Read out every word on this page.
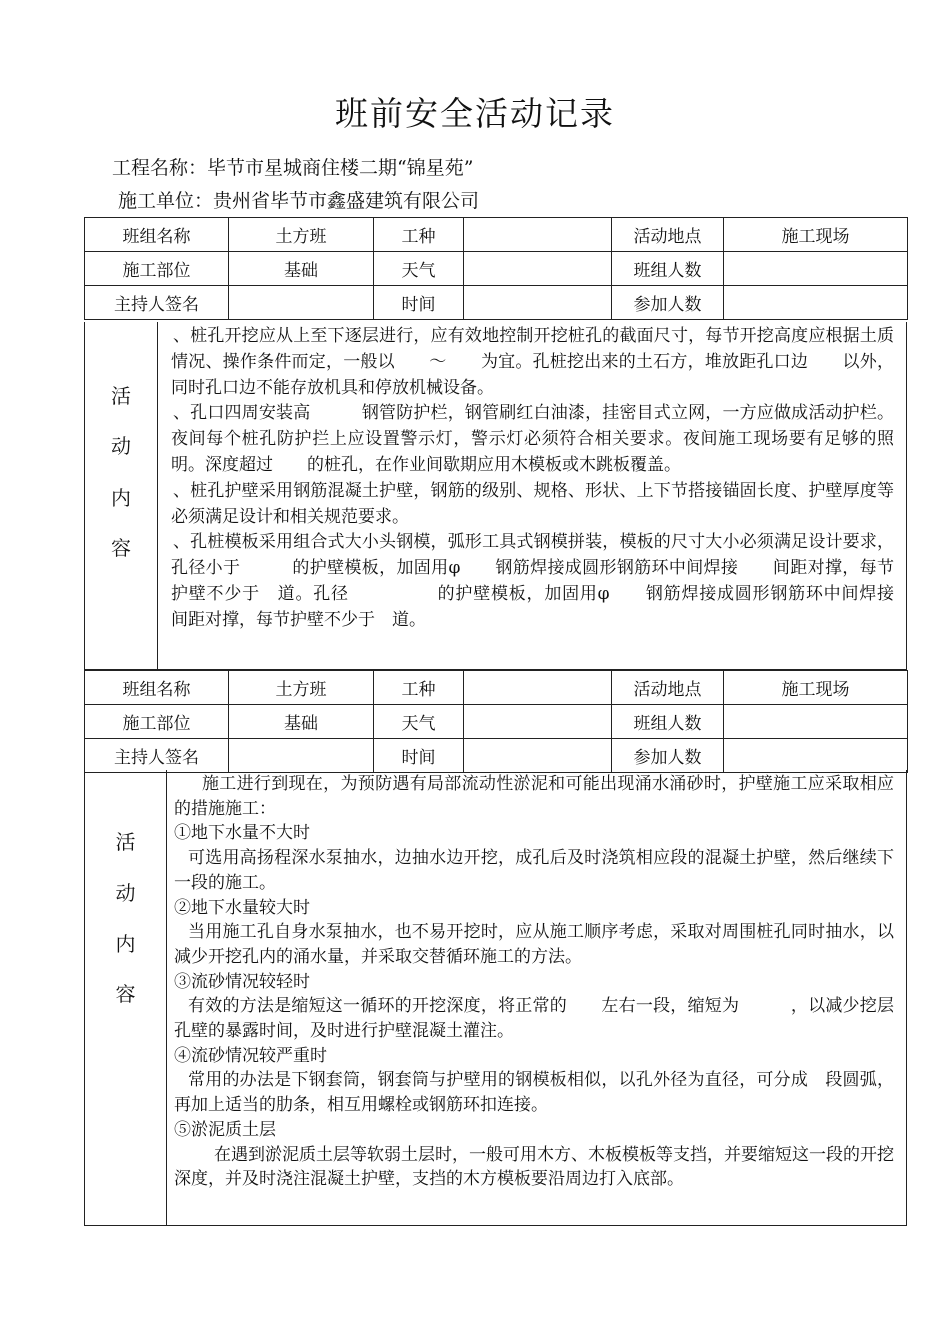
班前安全活动记录
工程名称：毕节市星城商住楼二期“锦星苑”
施工单位：贵州省毕节市鑫盛建筑有限公司
班组名称	土方班	工种		活动地点	施工现场
施工部位	基础	天气		班组人数	
主持人签名		时间		参加人数	
活
动
内
容

、桩孔开挖应从上至下逐层进行，应有效地控制开挖桩孔的截面尺寸，每节开挖高度应根据土质情况、操作条件而定，一般以　　～　　为宜。孔桩挖出来的土石方，堆放距孔口边　　以外，同时孔口边不能存放机具和停放机械设备。

、孔口四周安装高　　　钢管防护栏，钢管刷红白油漆，挂密目式立网，一方应做成活动护栏。夜间每个桩孔防护拦上应设置警示灯，警示灯必须符合相关要求。夜间施工现场要有足够的照明。深度超过　　的桩孔，在作业间歇期应用木模板或木跳板覆盖。

、桩孔护壁采用钢筋混凝土护壁，钢筋的级别、规格、形状、上下节搭接锚固长度、护壁厚度等必须满足设计和相关规范要求。

、孔桩模板采用组合式大小头钢模，弧形工具式钢模拼装，模板的尺寸大小必须满足设计要求，孔径小于　　　的护壁模板，加固用φ　　钢筋焊接成圆形钢筋环中间焊接　　间距对撑，每节护壁不少于　道。孔径　　　　　的护壁模板，加固用φ　　钢筋焊接成圆形钢筋环中间焊接　　　间距对撑，每节护壁不少于　道。

班组名称	土方班	工种		活动地点	施工现场
施工部位	基础	天气		班组人数	
主持人签名		时间		参加人数	
活
动
内
容

施工进行到现在，为预防遇有局部流动性淤泥和可能出现涌水涌砂时，护壁施工应采取相应的措施施工：

①地下水量不大时

可选用高扬程深水泵抽水，边抽水边开挖，成孔后及时浇筑相应段的混凝土护壁，然后继续下一段的施工。

②地下水量较大时

当用施工孔自身水泵抽水，也不易开挖时，应从施工顺序考虑，采取对周围桩孔同时抽水，以减少开挖孔内的涌水量，并采取交替循环施工的方法。

③流砂情况较轻时

有效的方法是缩短这一循环的开挖深度，将正常的　　左右一段，缩短为　　　，以减少挖层孔壁的暴露时间，及时进行护壁混凝土灌注。

④流砂情况较严重时

常用的办法是下钢套筒，钢套筒与护壁用的钢模板相似，以孔外径为直径，可分成　段圆弧，再加上适当的肋条，相互用螺栓或钢筋环扣连接。

⑤淤泥质土层

在遇到淤泥质土层等软弱土层时，一般可用木方、木板模板等支挡，并要缩短这一段的开挖深度，并及时浇注混凝土护壁，支挡的木方模板要沿周边打入底部。
